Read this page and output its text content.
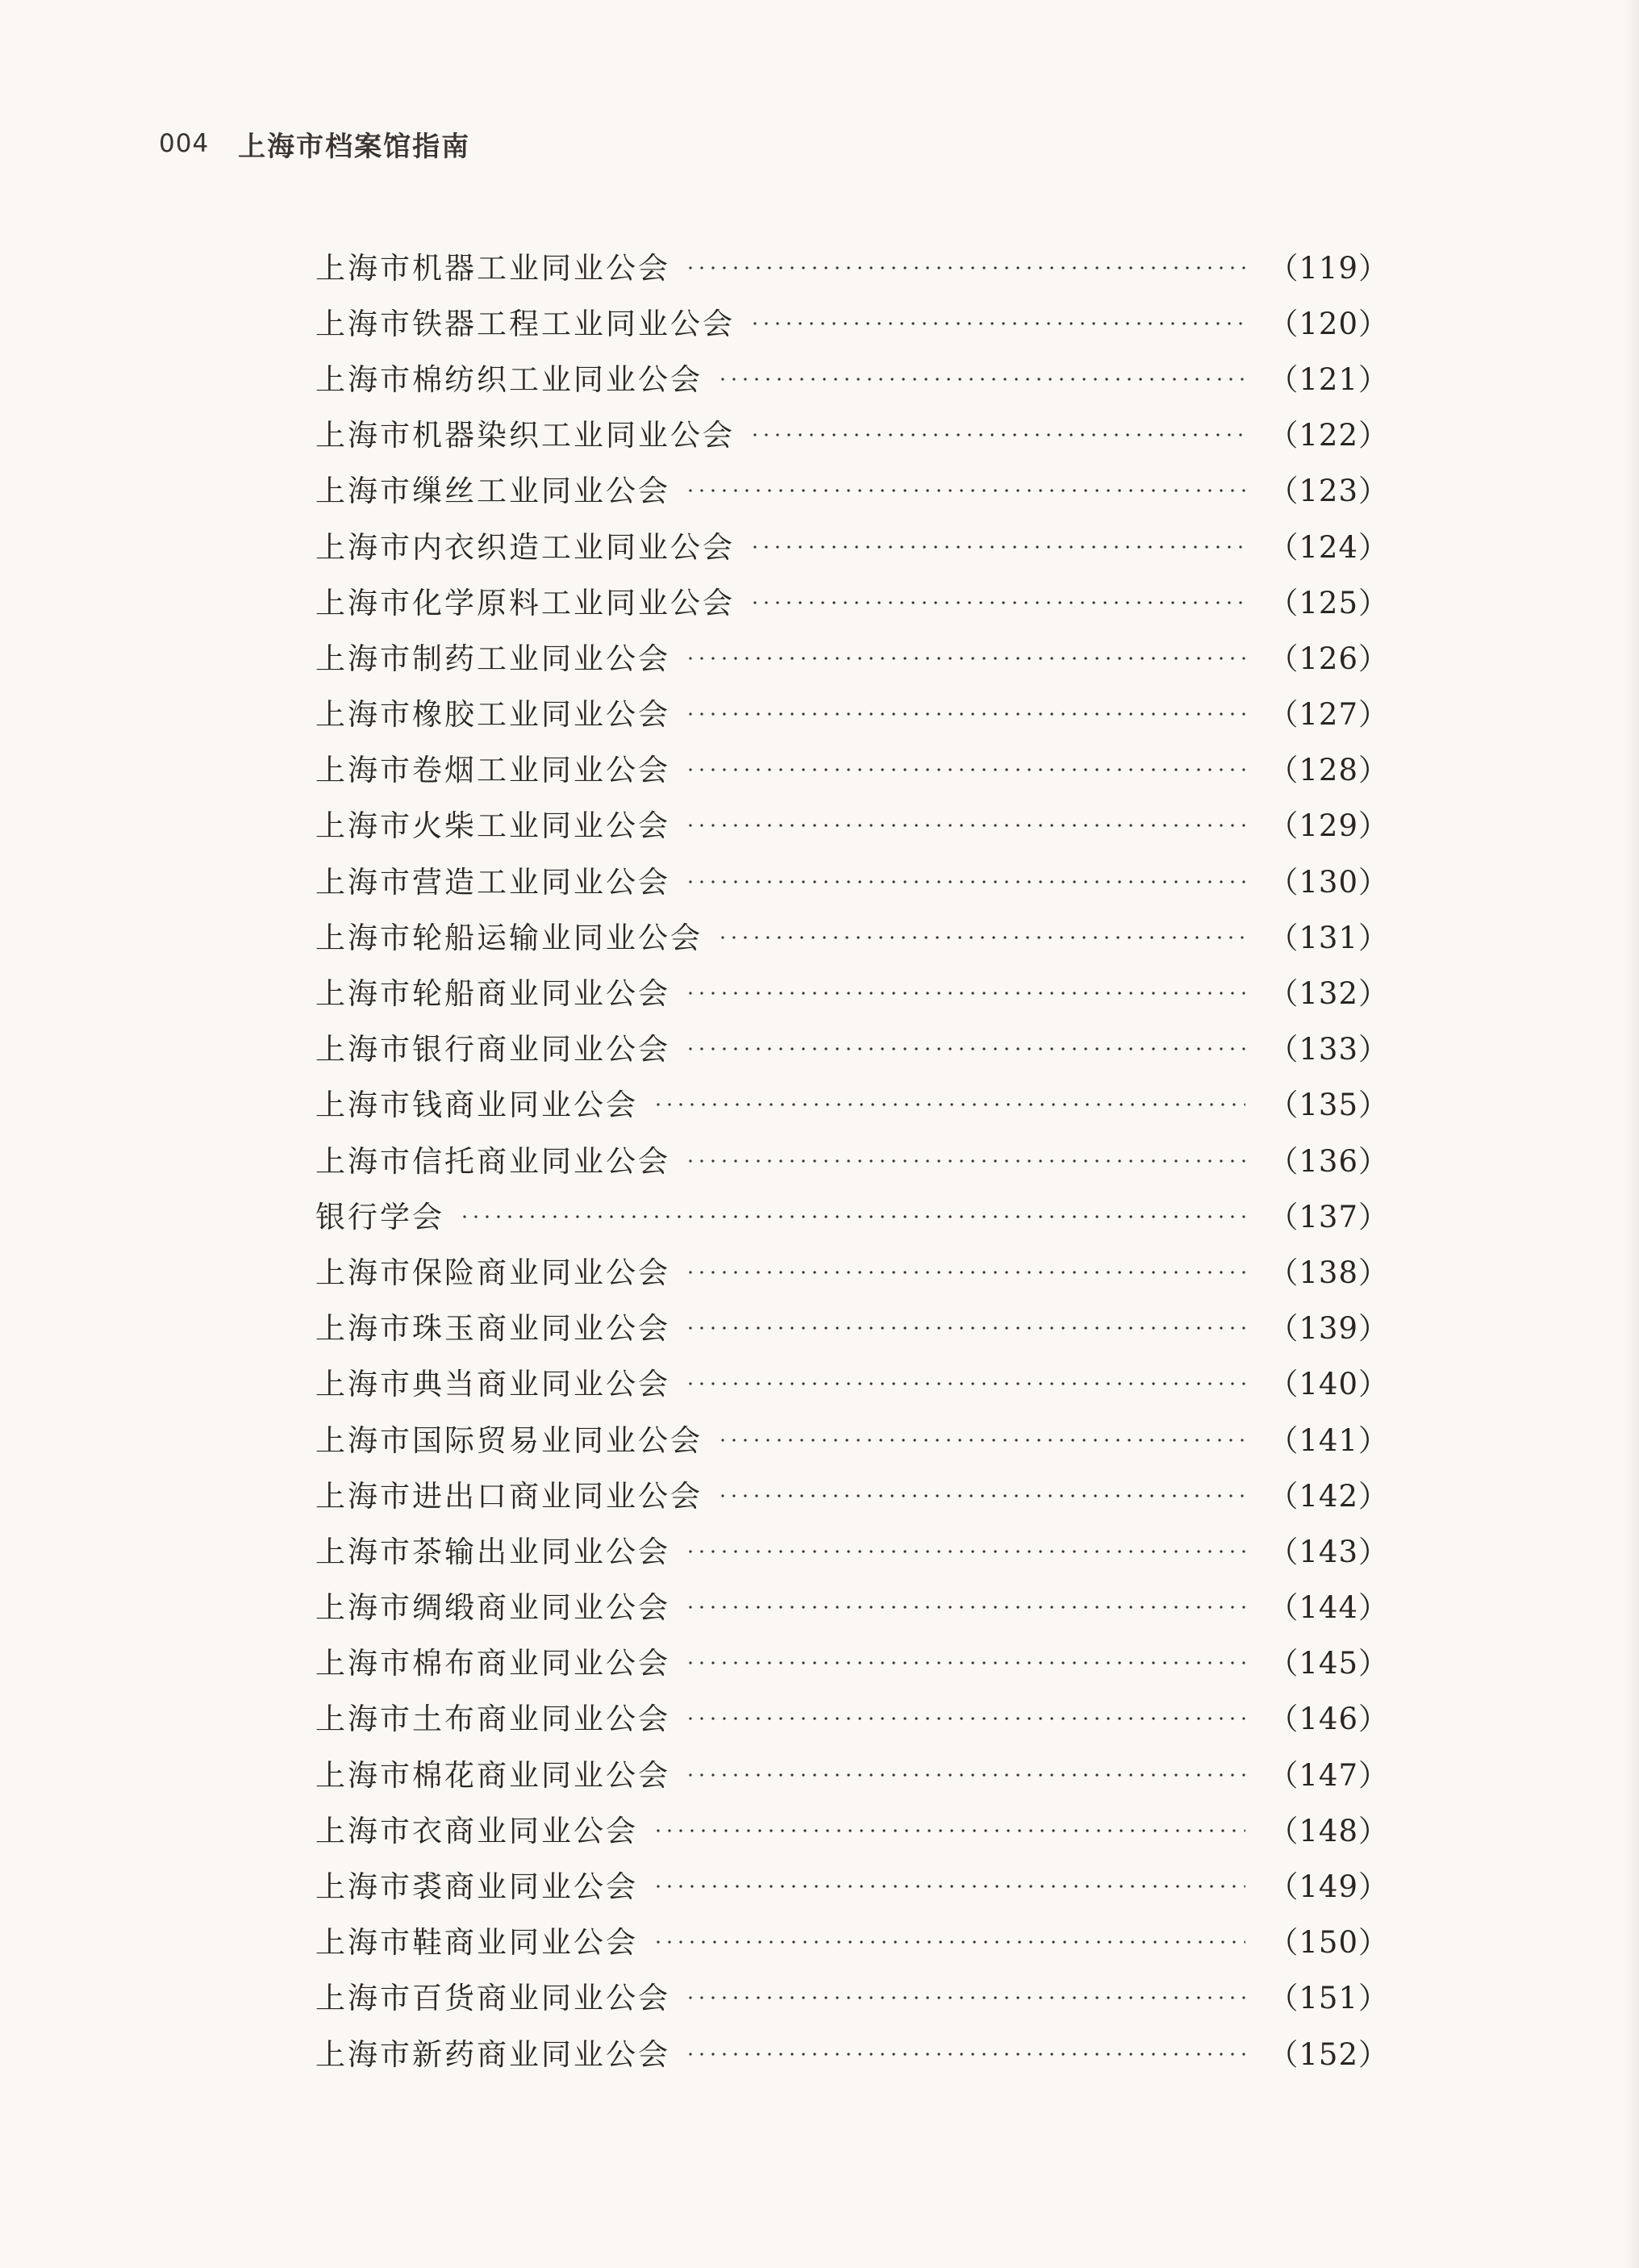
004 上海市档案馆指南
上海市机器工业同业公会	（119）
上海市铁器工程工业同业公会	（120）
上海市棉纺织工业同业公会	（121）
上海市机器染织工业同业公会	（122）
上海市缫丝工业同业公会	（123）
上海市内衣织造工业同业公会	（124）
上海市化学原料工业同业公会	（125）
上海市制药工业同业公会	（126）
上海市橡胶工业同业公会	（127）
上海市卷烟工业同业公会	（128）
上海市火柴工业同业公会	（129）
上海市营造工业同业公会	（130）
上海市轮船运输业同业公会	（131）
上海市轮船商业同业公会	（132）
上海市银行商业同业公会	（133）
上海市钱商业同业公会	（135）
上海市信托商业同业公会	（136）
银行学会	（137）
上海市保险商业同业公会	（138）
上海市珠玉商业同业公会	（139）
上海市典当商业同业公会	（140）
上海市国际贸易业同业公会	（141）
上海市进出口商业同业公会	（142）
上海市茶输出业同业公会	（143）
上海市绸缎商业同业公会	（144）
上海市棉布商业同业公会	（145）
上海市土布商业同业公会	（146）
上海市棉花商业同业公会	（147）
上海市衣商业同业公会	（148）
上海市裘商业同业公会	（149）
上海市鞋商业同业公会	（150）
上海市百货商业同业公会	（151）
上海市新药商业同业公会	（152）
